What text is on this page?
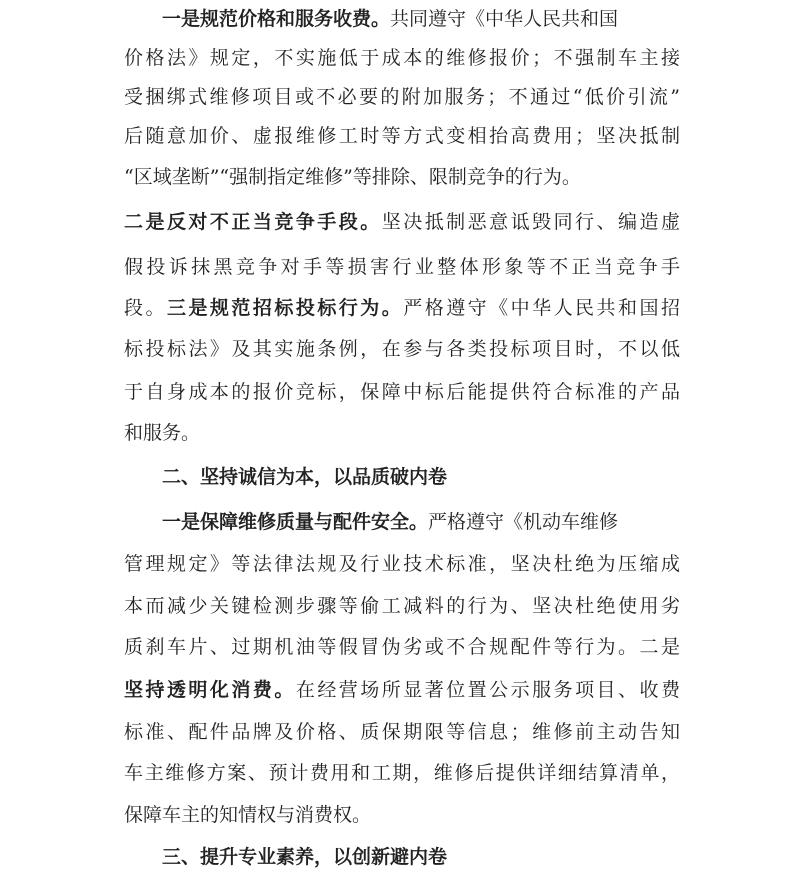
一是规范价格和服务收费。共同遵守《中华人民共和国
价格法》规定，不实施低于成本的维修报价；不强制车主接
受捆绑式维修项目或不必要的附加服务；不通过“低价引流”
后随意加价、虚报维修工时等方式变相抬高费用；坚决抵制
“区域垄断”“强制指定维修”等排除、限制竞争的行为。
二是反对不正当竞争手段。坚决抵制恶意诋毁同行、编造虚
假投诉抹黑竞争对手等损害行业整体形象等不正当竞争手
段。三是规范招标投标行为。严格遵守《中华人民共和国招
标投标法》及其实施条例，在参与各类投标项目时，不以低
于自身成本的报价竞标，保障中标后能提供符合标准的产品
和服务。
二、坚持诚信为本，以品质破内卷
一是保障维修质量与配件安全。严格遵守《机动车维修
管理规定》等法律法规及行业技术标准，坚决杜绝为压缩成
本而减少关键检测步骤等偷工减料的行为、坚决杜绝使用劣
质刹车片、过期机油等假冒伪劣或不合规配件等行为。二是
坚持透明化消费。在经营场所显著位置公示服务项目、收费
标准、配件品牌及价格、质保期限等信息；维修前主动告知
车主维修方案、预计费用和工期，维修后提供详细结算清单，
保障车主的知情权与消费权。
三、提升专业素养，以创新避内卷
